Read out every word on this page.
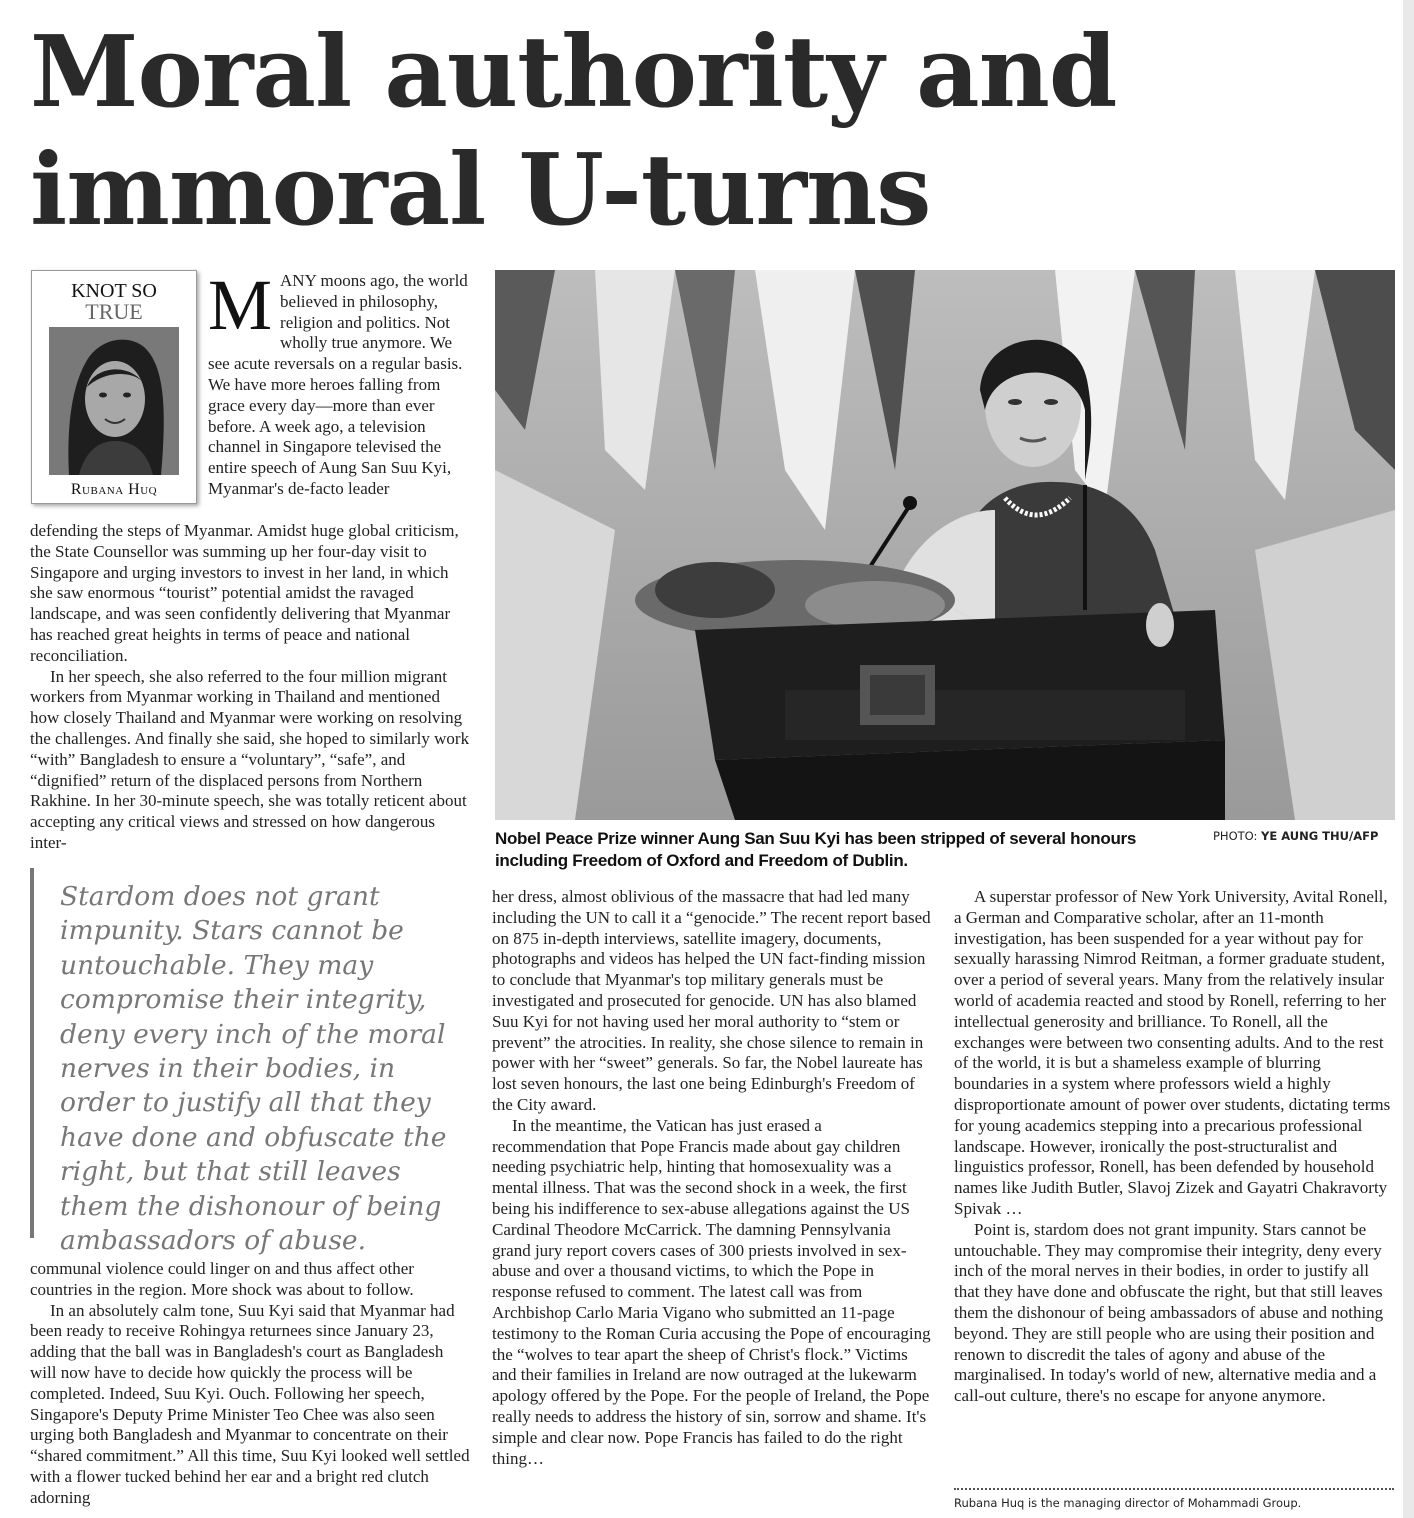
Moral authority and
immoral U-turns
KNOT SO
TRUE
Rubana Huq
MANY moons ago, the world believed in philosophy, religion and politics. Not wholly true anymore. We see acute reversals on a regular basis. We have more heroes falling from grace every day—more than ever before. A week ago, a television channel in Singapore televised the entire speech of Aung San Suu Kyi, Myanmar's de-facto leader

defending the steps of Myanmar. Amidst huge global criticism, the State Counsellor was summing up her four-day visit to Singapore and urging investors to invest in her land, in which she saw enormous “tourist” potential amidst the ravaged landscape, and was seen confidently delivering that Myanmar has reached great heights in terms of peace and national reconciliation.

In her speech, she also referred to the four million migrant workers from Myanmar working in Thailand and mentioned how closely Thailand and Myanmar were working on resolving the challenges. And finally she said, she hoped to similarly work “with” Bangladesh to ensure a “voluntary”, “safe”, and “dignified” return of the displaced persons from Northern Rakhine. In her 30-minute speech, she was totally reticent about accepting any critical views and stressed on how dangerous inter-	Nobel Peace Prize winner Aung San Suu Kyi has been stripped of several honours including Freedom of Oxford and Freedom of Dublin.
PHOTO: YE AUNG THU/AFP
Stardom does not grant impunity. Stars cannot be untouchable. They may compromise their integrity, deny every inch of the moral nerves in their bodies, in order to justify all that they have done and obfuscate the right, but that still leaves them the dishonour of being ambassadors of abuse.

communal violence could linger on and thus affect other countries in the region. More shock was about to follow.

In an absolutely calm tone, Suu Kyi said that Myanmar had been ready to receive Rohingya returnees since January 23, adding that the ball was in Bangladesh's court as Bangladesh will now have to decide how quickly the process will be completed. Indeed, Suu Kyi. Ouch. Following her speech, Singapore's Deputy Prime Minister Teo Chee was also seen urging both Bangladesh and Myanmar to concentrate on their “shared commitment.” All this time, Suu Kyi looked well settled with a flower tucked behind her ear and a bright red clutch adorning

her dress, almost oblivious of the massacre that had led many including the UN to call it a “genocide.” The recent report based on 875 in-depth interviews, satellite imagery, documents, photographs and videos has helped the UN fact-finding mission to conclude that Myanmar's top military generals must be investigated and prosecuted for genocide. UN has also blamed Suu Kyi for not having used her moral authority to “stem or prevent” the atrocities. In reality, she chose silence to remain in power with her “sweet” generals. So far, the Nobel laureate has lost seven honours, the last one being Edinburgh's Freedom of the City award.

In the meantime, the Vatican has just erased a recommendation that Pope Francis made about gay children needing psychiatric help, hinting that homosexuality was a mental illness. That was the second shock in a week, the first being his indifference to sex-abuse allegations against the US Cardinal Theodore McCarrick. The damning Pennsylvania grand jury report covers cases of 300 priests involved in sex-abuse and over a thousand victims, to which the Pope in response refused to comment. The latest call was from Archbishop Carlo Maria Vigano who submitted an 11-page testimony to the Roman Curia accusing the Pope of encouraging the “wolves to tear apart the sheep of Christ's flock.” Victims and their families in Ireland are now outraged at the lukewarm apology offered by the Pope. For the people of Ireland, the Pope really needs to address the history of sin, sorrow and shame. It's simple and clear now. Pope Francis has failed to do the right thing…

A superstar professor of New York University, Avital Ronell, a German and Comparative scholar, after an 11-month investigation, has been suspended for a year without pay for sexually harassing Nimrod Reitman, a former graduate student, over a period of several years. Many from the relatively insular world of academia reacted and stood by Ronell, referring to her intellectual generosity and brilliance. To Ronell, all the exchanges were between two consenting adults. And to the rest of the world, it is but a shameless example of blurring boundaries in a system where professors wield a highly disproportionate amount of power over students, dictating terms for young academics stepping into a precarious professional landscape. However, ironically the post-structuralist and linguistics professor, Ronell, has been defended by household names like Judith Butler, Slavoj Zizek and Gayatri Chakravorty Spivak …

Point is, stardom does not grant impunity. Stars cannot be untouchable. They may compromise their integrity, deny every inch of the moral nerves in their bodies, in order to justify all that they have done and obfuscate the right, but that still leaves them the dishonour of being ambassadors of abuse and nothing beyond. They are still people who are using their position and renown to discredit the tales of agony and abuse of the marginalised. In today's world of new, alternative media and a call-out culture, there's no escape for anyone anymore.

Rubana Huq is the managing director of Mohammadi Group.
